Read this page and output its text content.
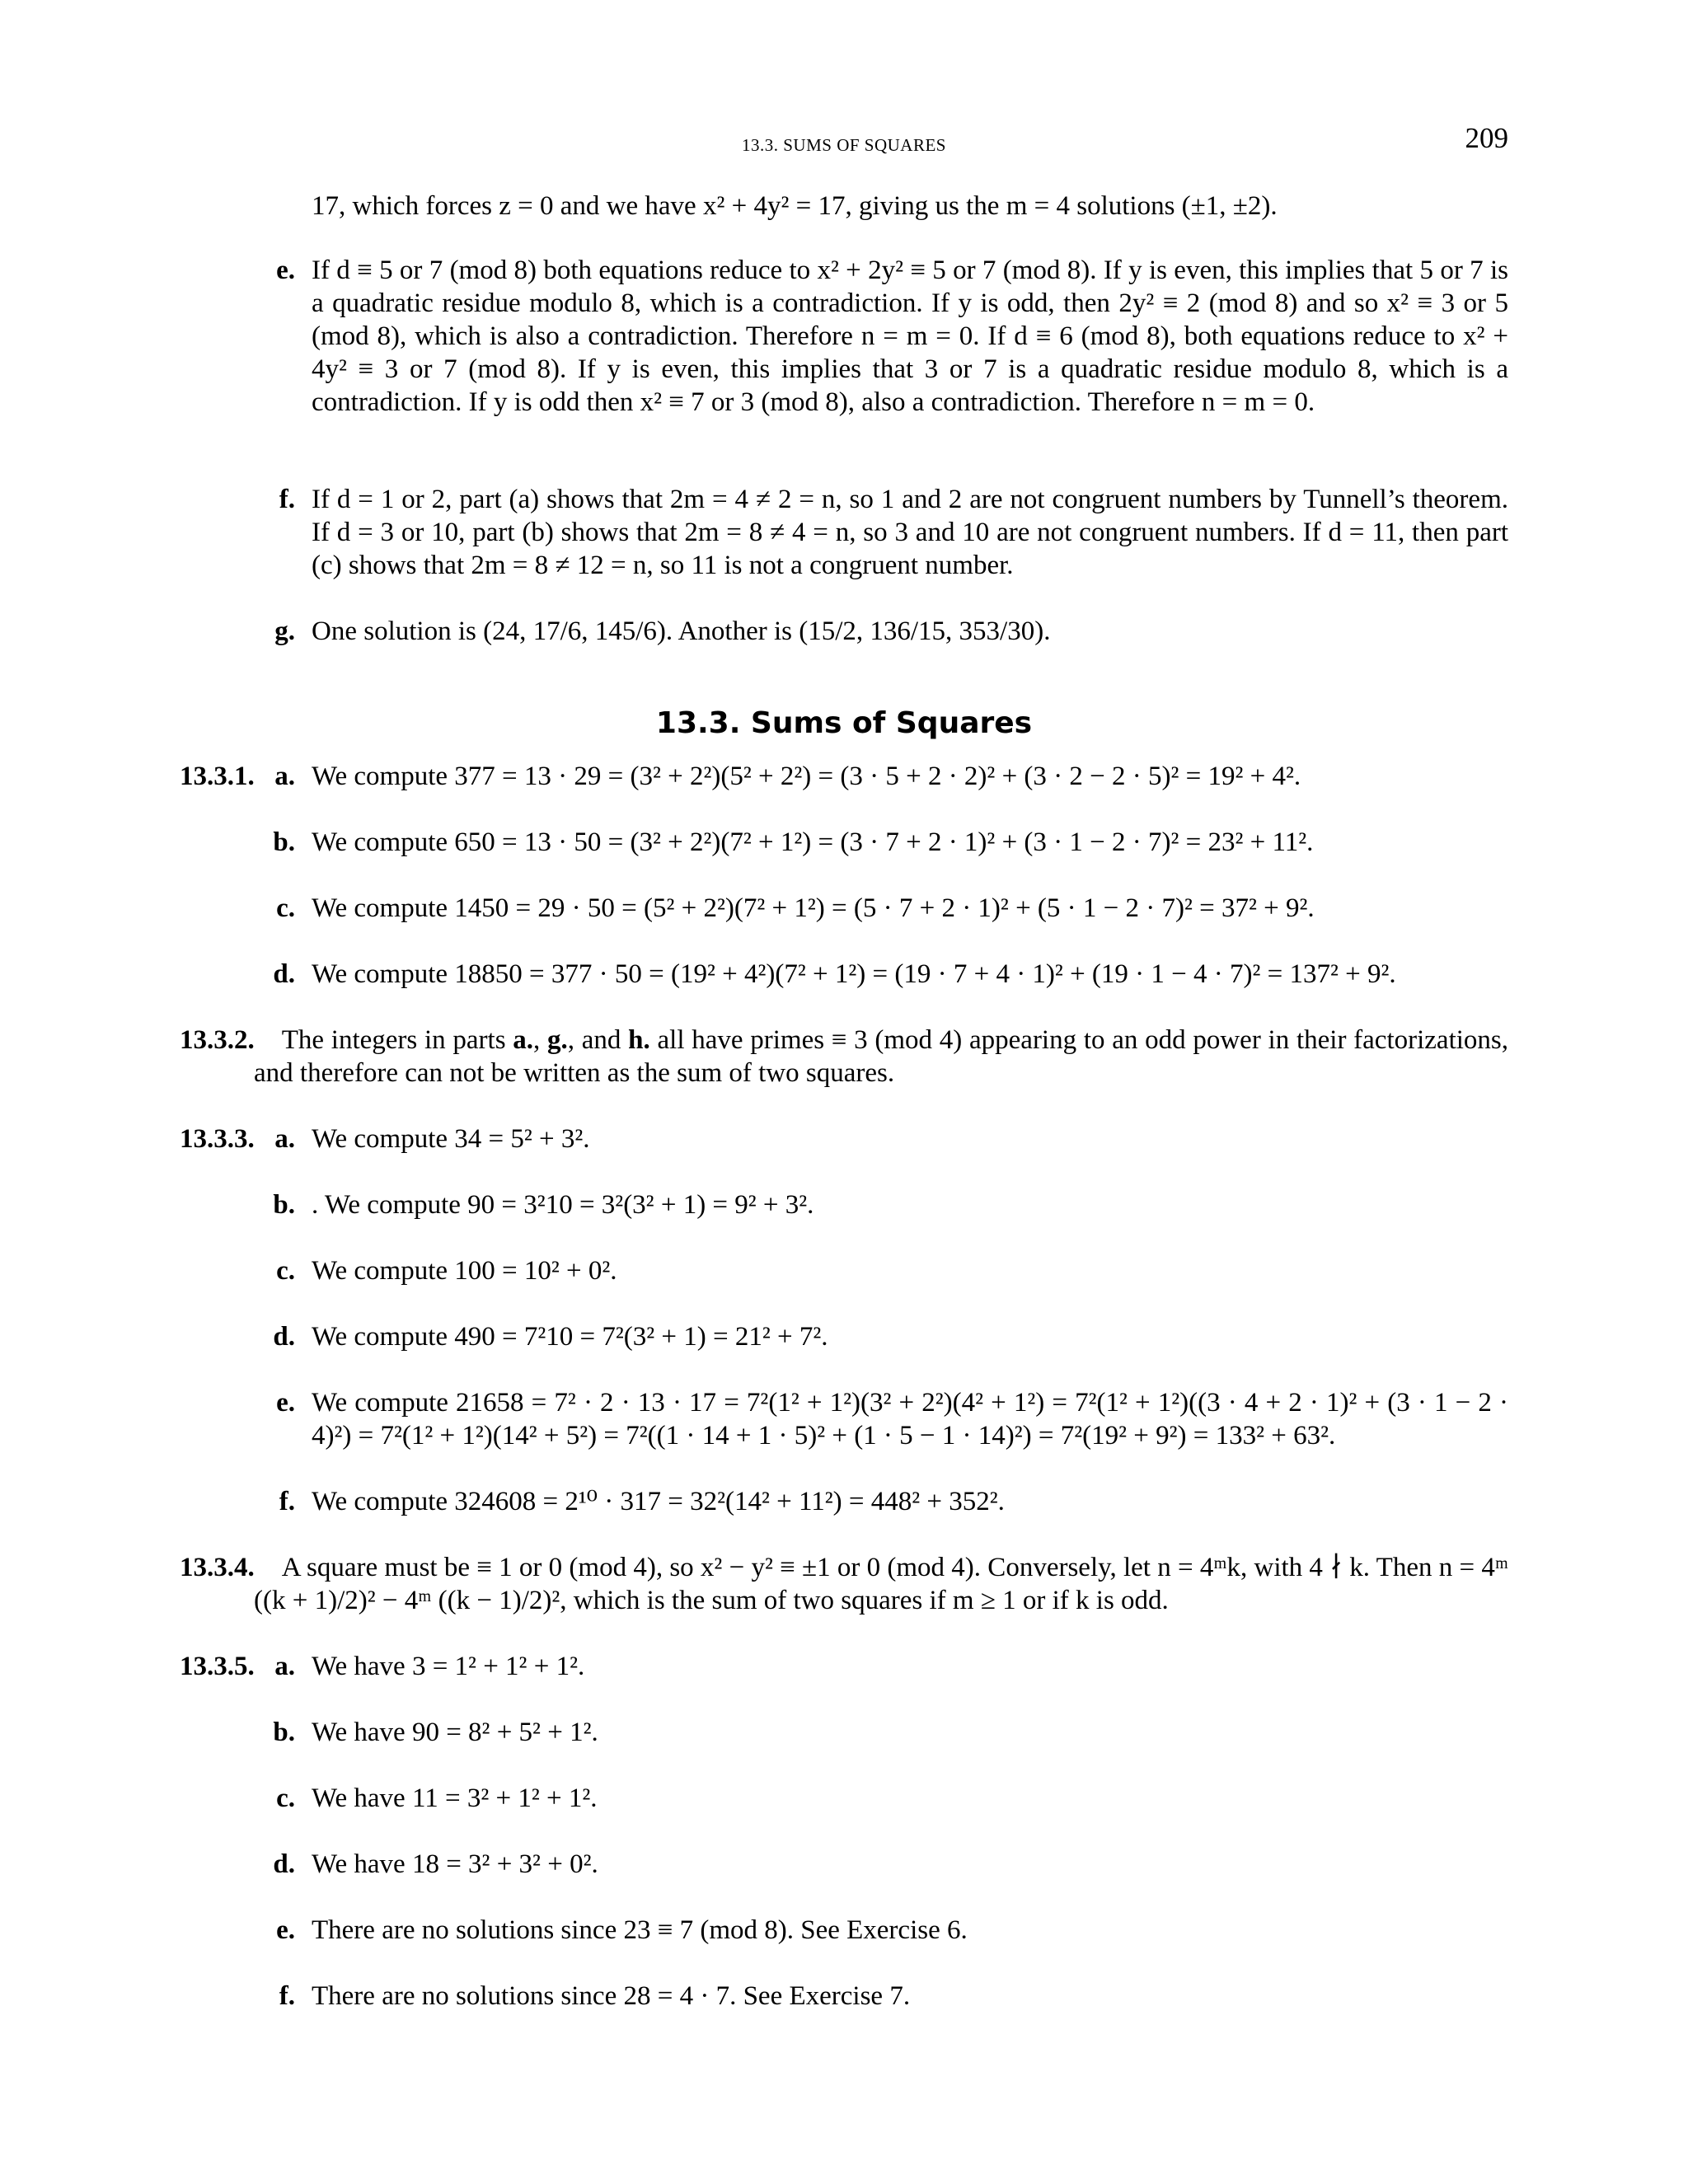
13.3. SUMS OF SQUARES	209
17, which forces z = 0 and we have x² + 4y² = 17, giving us the m = 4 solutions (±1, ±2).
e. If d ≡ 5 or 7 (mod 8) both equations reduce to x² + 2y² ≡ 5 or 7 (mod 8). If y is even, this implies that 5 or 7 is a quadratic residue modulo 8, which is a contradiction. If y is odd, then 2y² ≡ 2 (mod 8) and so x² ≡ 3 or 5 (mod 8), which is also a contradiction. Therefore n = m = 0. If d ≡ 6 (mod 8), both equations reduce to x² + 4y² ≡ 3 or 7 (mod 8). If y is even, this implies that 3 or 7 is a quadratic residue modulo 8, which is a contradiction. If y is odd then x² ≡ 7 or 3 (mod 8), also a contradiction. Therefore n = m = 0.
f. If d = 1 or 2, part (a) shows that 2m = 4 ≠ 2 = n, so 1 and 2 are not congruent numbers by Tunnell’s theorem. If d = 3 or 10, part (b) shows that 2m = 8 ≠ 4 = n, so 3 and 10 are not congruent numbers. If d = 11, then part (c) shows that 2m = 8 ≠ 12 = n, so 11 is not a congruent number.
g. One solution is (24, 17/6, 145/6). Another is (15/2, 136/15, 353/30).
13.3. Sums of Squares
13.3.1. a. We compute 377 = 13 · 29 = (3² + 2²)(5² + 2²) = (3 · 5 + 2 · 2)² + (3 · 2 − 2 · 5)² = 19² + 4².
b. We compute 650 = 13 · 50 = (3² + 2²)(7² + 1²) = (3 · 7 + 2 · 1)² + (3 · 1 − 2 · 7)² = 23² + 11².
c. We compute 1450 = 29 · 50 = (5² + 2²)(7² + 1²) = (5 · 7 + 2 · 1)² + (5 · 1 − 2 · 7)² = 37² + 9².
d. We compute 18850 = 377 · 50 = (19² + 4²)(7² + 1²) = (19 · 7 + 4 · 1)² + (19 · 1 − 4 · 7)² = 137² + 9².
13.3.2.  The integers in parts a., g., and h. all have primes ≡ 3 (mod 4) appearing to an odd power in their factorizations, and therefore can not be written as the sum of two squares.
13.3.3. a. We compute 34 = 5² + 3².
b. . We compute 90 = 3²10 = 3²(3² + 1) = 9² + 3².
c. We compute 100 = 10² + 0².
d. We compute 490 = 7²10 = 7²(3² + 1) = 21² + 7².
e. We compute 21658 = 7² · 2 · 13 · 17 = 7²(1² + 1²)(3² + 2²)(4² + 1²) = 7²(1² + 1²)((3 · 4 + 2 · 1)² + (3 · 1 − 2 · 4)²) = 7²(1² + 1²)(14² + 5²) = 7²((1 · 14 + 1 · 5)² + (1 · 5 − 1 · 14)²) = 7²(19² + 9²) = 133² + 63².
f. We compute 324608 = 2¹⁰ · 317 = 32²(14² + 11²) = 448² + 352².
13.3.4.  A square must be ≡ 1 or 0 (mod 4), so x² − y² ≡ ±1 or 0 (mod 4). Conversely, let n = 4ᵐk, with 4 ∤ k. Then n = 4ᵐ ((k + 1)/2)² − 4ᵐ ((k − 1)/2)², which is the sum of two squares if m ≥ 1 or if k is odd.
13.3.5. a. We have 3 = 1² + 1² + 1².
b. We have 90 = 8² + 5² + 1².
c. We have 11 = 3² + 1² + 1².
d. We have 18 = 3² + 3² + 0².
e. There are no solutions since 23 ≡ 7 (mod 8). See Exercise 6.
f. There are no solutions since 28 = 4 · 7. See Exercise 7.
